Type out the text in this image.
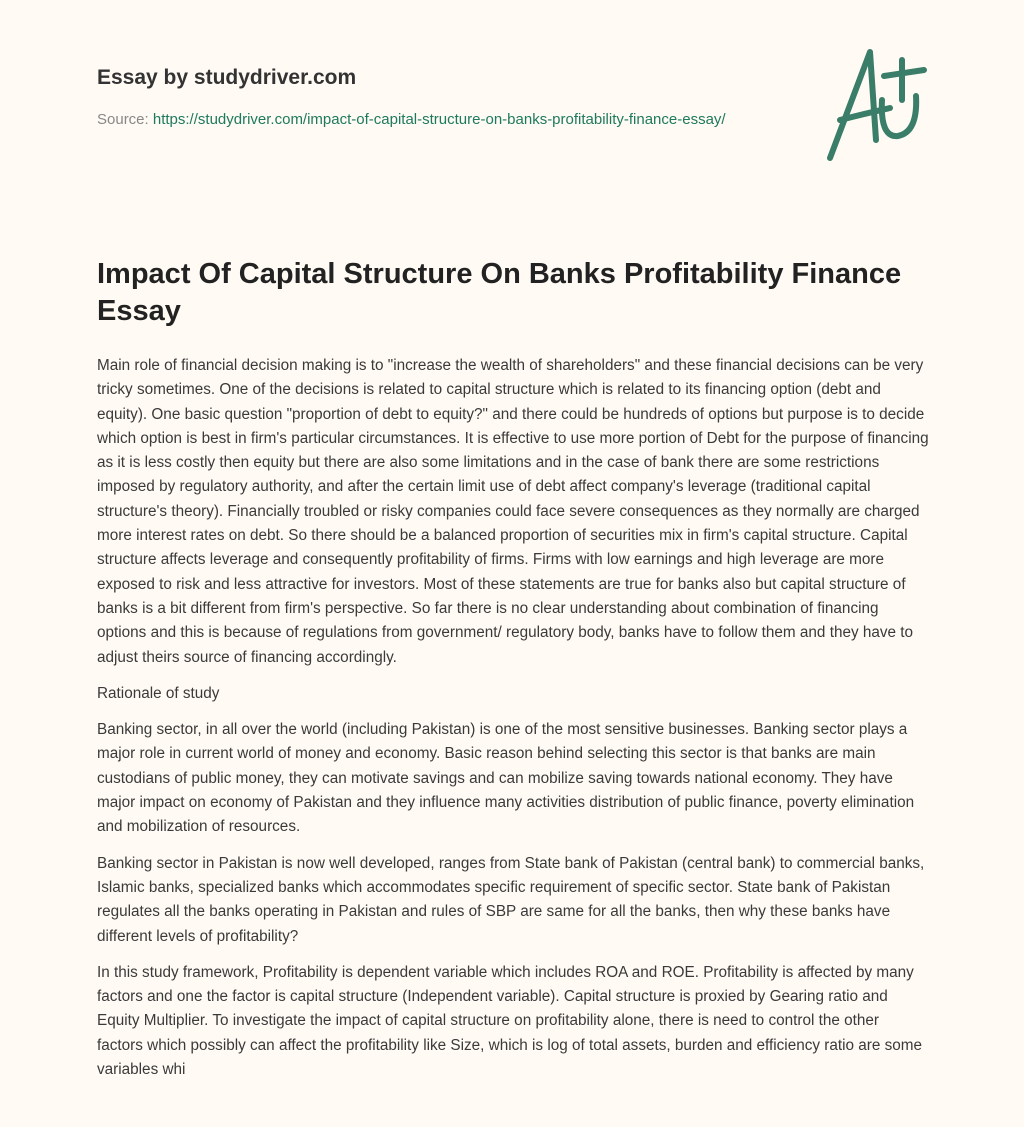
Essay by studydriver.com

Source: https://studydriver.com/impact-of-capital-structure-on-banks-profitability-finance-essay/
Impact Of Capital Structure On Banks Profitability Finance Essay

Main role of financial decision making is to "increase the wealth of shareholders" and these financial decisions can be very tricky sometimes. One of the decisions is related to capital structure which is related to its financing option (debt and equity). One basic question "proportion of debt to equity?" and there could be hundreds of options but purpose is to decide which option is best in firm's particular circumstances. It is effective to use more portion of Debt for the purpose of financing as it is less costly then equity but there are also some limitations and in the case of bank there are some restrictions imposed by regulatory authority, and after the certain limit use of debt affect company's leverage (traditional capital structure's theory). Financially troubled or risky companies could face severe consequences as they normally are charged more interest rates on debt. So there should be a balanced proportion of securities mix in firm's capital structure. Capital structure affects leverage and consequently profitability of firms. Firms with low earnings and high leverage are more exposed to risk and less attractive for investors. Most of these statements are true for banks also but capital structure of banks is a bit different from firm's perspective. So far there is no clear understanding about combination of financing options and this is because of regulations from government/ regulatory body, banks have to follow them and they have to adjust theirs source of financing accordingly.

Rationale of study

Banking sector, in all over the world (including Pakistan) is one of the most sensitive businesses. Banking sector plays a major role in current world of money and economy. Basic reason behind selecting this sector is that banks are main custodians of public money, they can motivate savings and can mobilize saving towards national economy. They have major impact on economy of Pakistan and they influence many activities distribution of public finance, poverty elimination and mobilization of resources.

Banking sector in Pakistan is now well developed, ranges from State bank of Pakistan (central bank) to commercial banks, Islamic banks, specialized banks which accommodates specific requirement of specific sector. State bank of Pakistan regulates all the banks operating in Pakistan and rules of SBP are same for all the banks, then why these banks have different levels of profitability?

In this study framework, Profitability is dependent variable which includes ROA and ROE. Profitability is affected by many factors and one the factor is capital structure (Independent variable). Capital structure is proxied by Gearing ratio and Equity Multiplier. To investigate the impact of capital structure on profitability alone, there is need to control the other factors which possibly can affect the profitability like Size, which is log of total assets, burden and efficiency ratio are some variables whi
